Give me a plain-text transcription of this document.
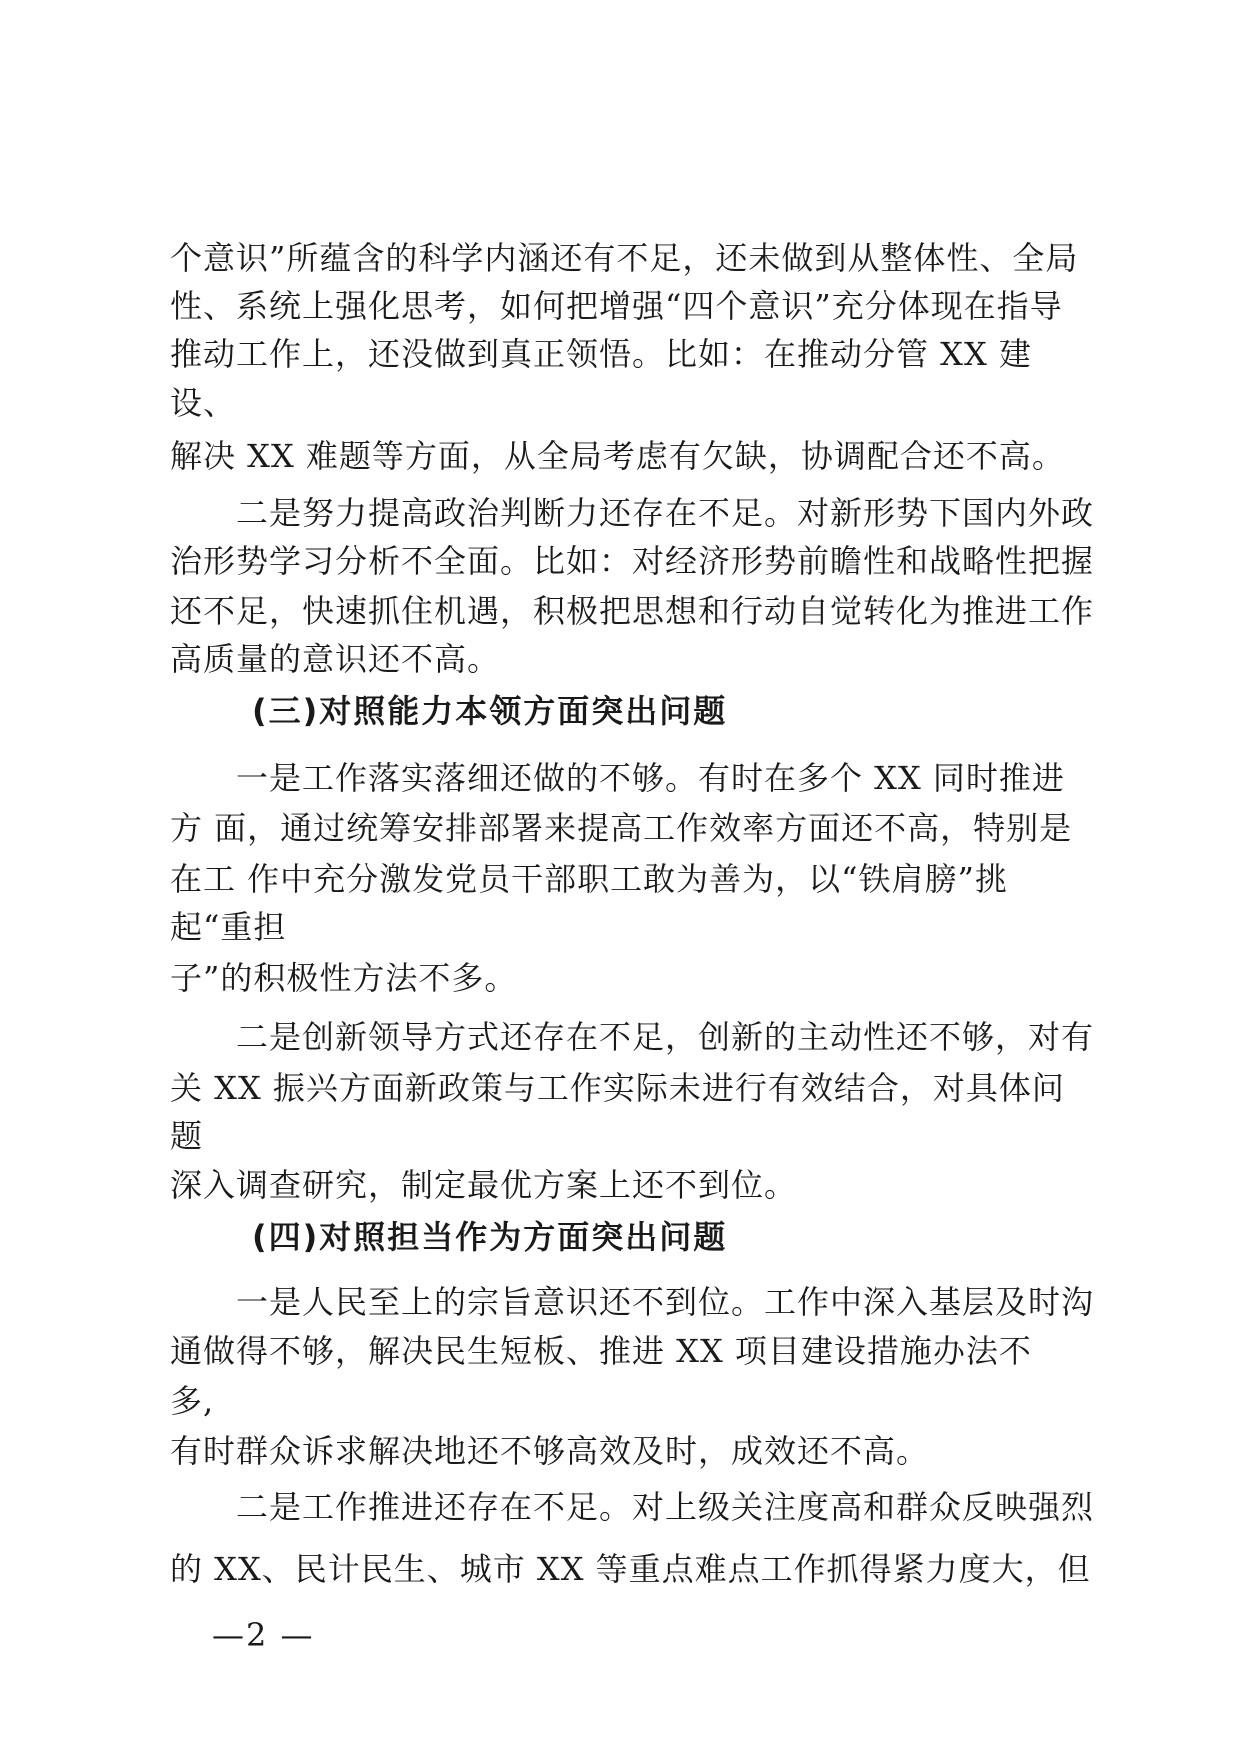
个意识”所蕴含的科学内涵还有不足，还未做到从整体性、全局
性、系统上强化思考，如何把增强“四个意识”充分体现在指导
推动工作上，还没做到真正领悟。比如：在推动分管 XX 建
设、
解决 XX 难题等方面，从全局考虑有欠缺，协调配合还不高。
二是努力提高政治判断力还存在不足。对新形势下国内外政
治形势学习分析不全面。比如：对经济形势前瞻性和战略性把握
还不足，快速抓住机遇，积极把思想和行动自觉转化为推进工作
高质量的意识还不高。
(三)对照能力本领方面突出问题
一是工作落实落细还做的不够。有时在多个 XX 同时推进
方 面，通过统筹安排部署来提高工作效率方面还不高，特别是
在工 作中充分激发党员干部职工敢为善为，以“铁肩膀”挑
起“重担
子”的积极性方法不多。
二是创新领导方式还存在不足，创新的主动性还不够，对有
关 XX 振兴方面新政策与工作实际未进行有效结合，对具体问
题
深入调查研究，制定最优方案上还不到位。
(四)对照担当作为方面突出问题
一是人民至上的宗旨意识还不到位。工作中深入基层及时沟
通做得不够，解决民生短板、推进 XX 项目建设措施办法不
多,
有时群众诉求解决地还不够高效及时，成效还不高。
二是工作推进还存在不足。对上级关注度高和群众反映强烈
的 XX、民计民生、城市 XX 等重点难点工作抓得紧力度大，但
—2 —
